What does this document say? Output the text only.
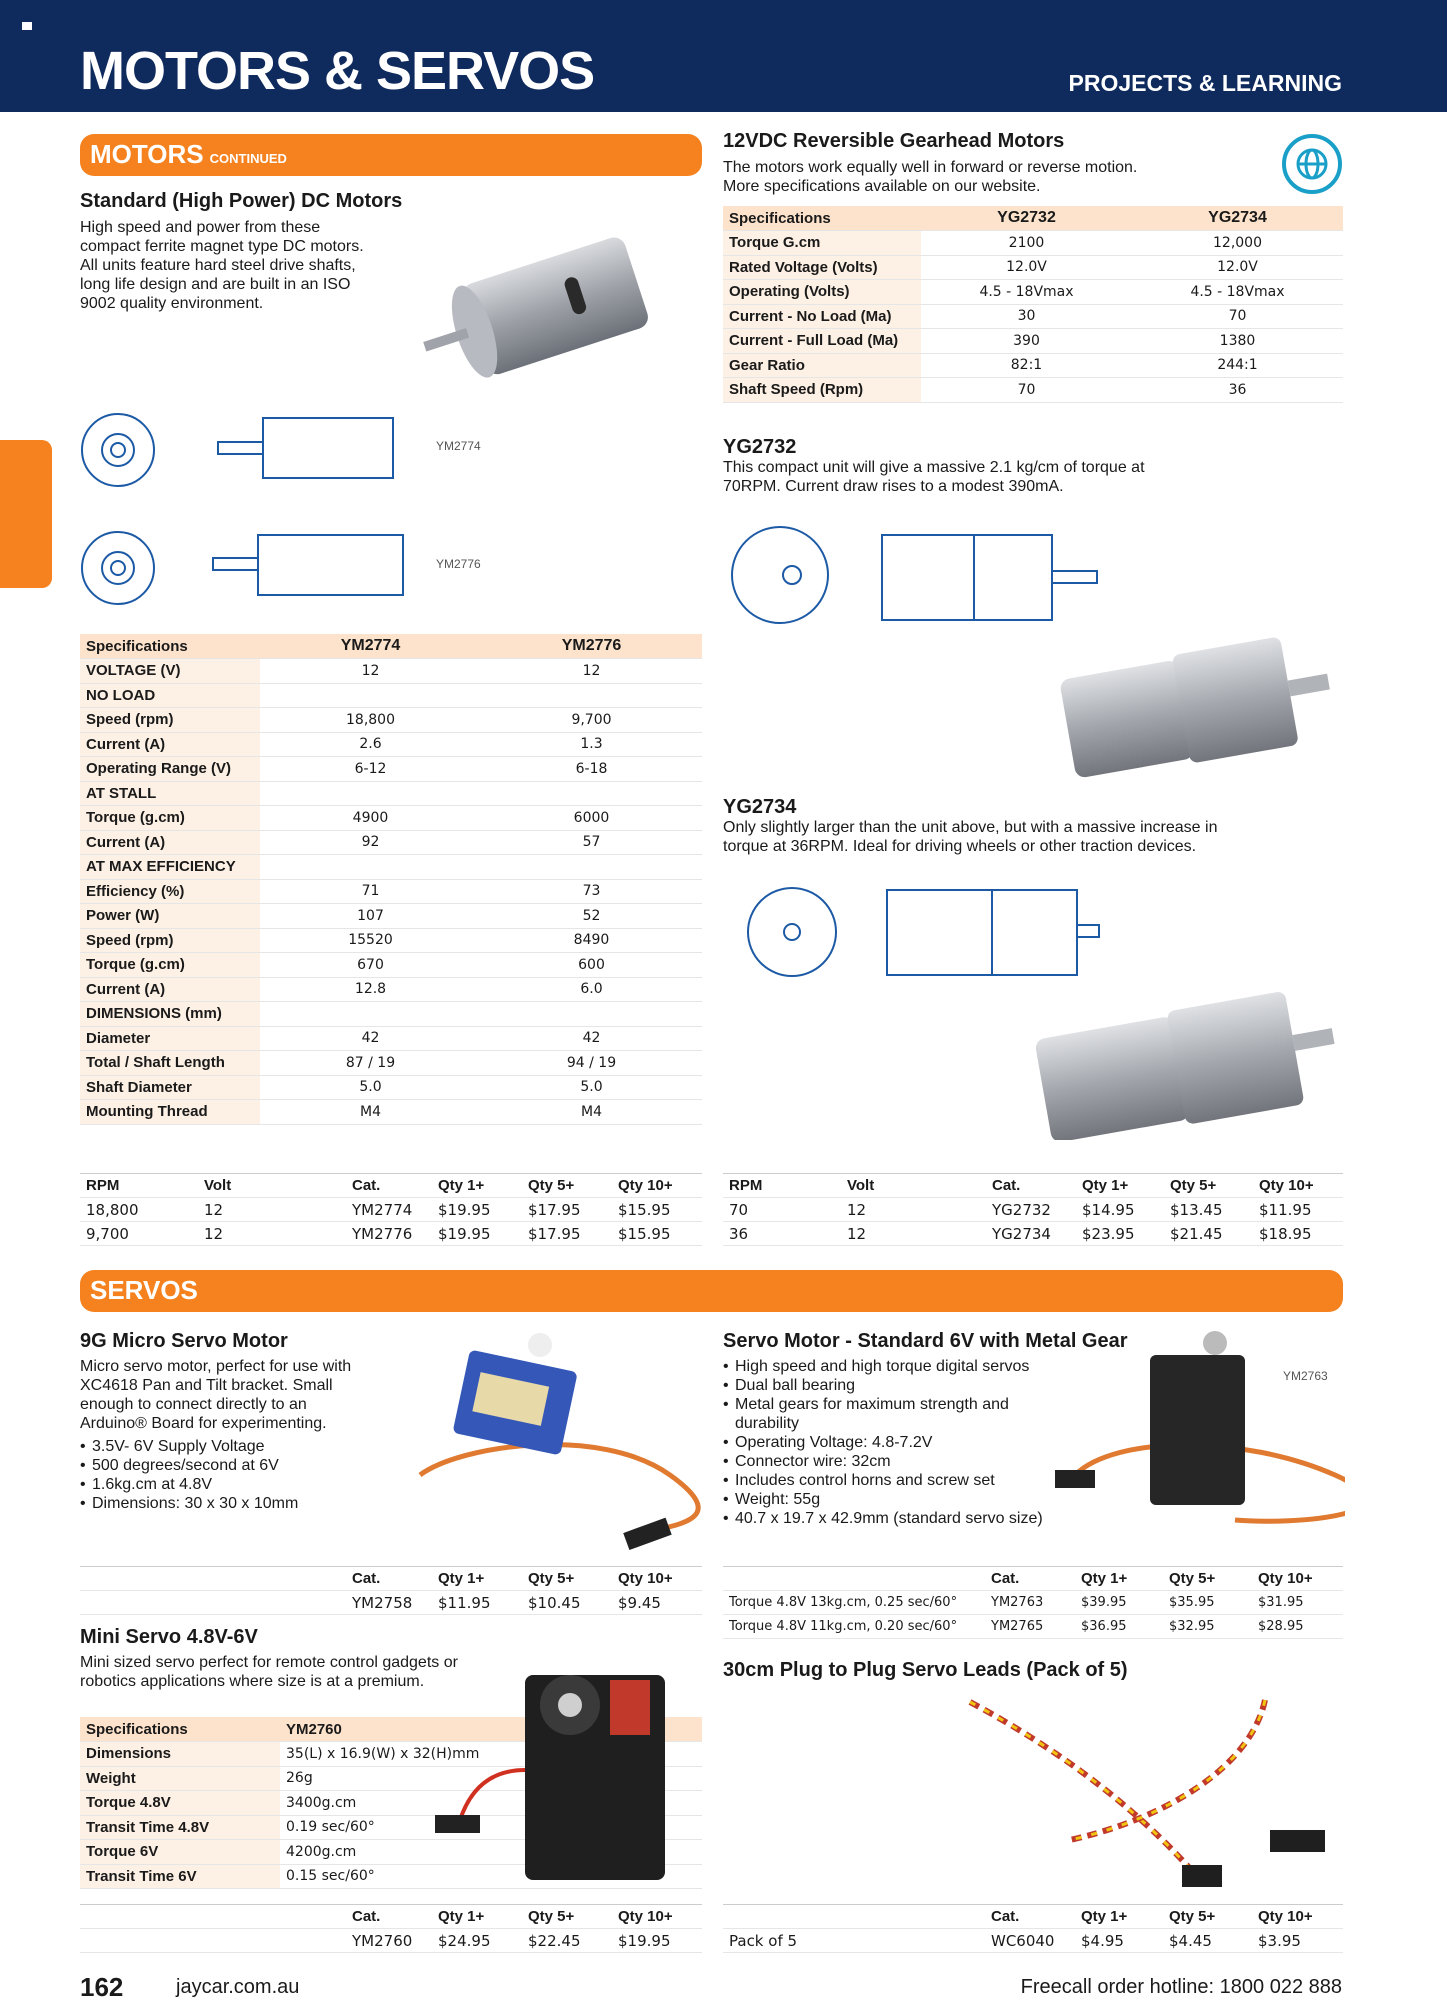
MOTORS & SERVOS	PROJECTS & LEARNING
MOTORS CONTINUED
Standard (High Power) DC Motors
High speed and power from these
compact ferrite magnet type DC motors.
All units feature hard steel drive shafts,
long life design and are built in an ISO
9002 quality environment.
YM2774
YM2776
Specifications	YM2774	YM2776
VOLTAGE (V)	12	12
NO LOAD		
Speed (rpm)	18,800	9,700
Current (A)	2.6	1.3
Operating Range (V)	6-12	6-18
AT STALL		
Torque (g.cm)	4900	6000
Current (A)	92	57
AT MAX EFFICIENCY		
Efficiency (%)	71	73
Power (W)	107	52
Speed (rpm)	15520	8490
Torque (g.cm)	670	600
Current (A)	12.8	6.0
DIMENSIONS (mm)		
Diameter	42	42
Total / Shaft Length	87 / 19	94 / 19
Shaft Diameter	5.0	5.0
Mounting Thread	M4	M4
RPM	Volt	Cat.	Qty 1+	Qty 5+	Qty 10+
18,800	12	YM2774	$19.95	$17.95	$15.95
9,700	12	YM2776	$19.95	$17.95	$15.95
12VDC Reversible Gearhead Motors
The motors work equally well in forward or reverse motion.
More specifications available on our website.
Specifications	YG2732	YG2734
Torque G.cm	2100	12,000
Rated Voltage (Volts)	12.0V	12.0V
Operating (Volts)	4.5 - 18Vmax	4.5 - 18Vmax
Current - No Load (Ma)	30	70
Current - Full Load (Ma)	390	1380
Gear Ratio	82:1	244:1
Shaft Speed (Rpm)	70	36
YG2732
This compact unit will give a massive 2.1 kg/cm of torque at
70RPM. Current draw rises to a modest 390mA.
YG2734
Only slightly larger than the unit above, but with a massive increase in
torque at 36RPM. Ideal for driving wheels or other traction devices.
RPM	Volt	Cat.	Qty 1+	Qty 5+	Qty 10+
70	12	YG2732	$14.95	$13.45	$11.95
36	12	YG2734	$23.95	$21.45	$18.95
SERVOS
9G Micro Servo Motor
Micro servo motor, perfect for use with
XC4618 Pan and Tilt bracket. Small
enough to connect directly to an
Arduino® Board for experimenting.
• 3.5V- 6V Supply Voltage
• 500 degrees/second at 6V
• 1.6kg.cm at 4.8V
• Dimensions: 30 x 30 x 10mm
	Cat.	Qty 1+	Qty 5+	Qty 10+
	YM2758	$11.95	$10.45	$9.45
Servo Motor - Standard 6V with Metal Gear
• High speed and high torque digital servos
• Dual ball bearing
• Metal gears for maximum strength and durability
• Operating Voltage: 4.8-7.2V
• Connector wire: 32cm
• Includes control horns and screw set
• Weight: 55g
• 40.7 x 19.7 x 42.9mm (standard servo size)
YM2763
	Cat.	Qty 1+	Qty 5+	Qty 10+
Torque 4.8V 13kg.cm, 0.25 sec/60°	YM2763	$39.95	$35.95	$31.95
Torque 4.8V 11kg.cm, 0.20 sec/60°	YM2765	$36.95	$32.95	$28.95
Mini Servo 4.8V-6V
Mini sized servo perfect for remote control gadgets or
robotics applications where size is at a premium.
Specifications	YM2760
Dimensions	35(L) x 16.9(W) x 32(H)mm
Weight	26g
Torque 4.8V	3400g.cm
Transit Time 4.8V	0.19 sec/60°
Torque 6V	4200g.cm
Transit Time 6V	0.15 sec/60°
	Cat.	Qty 1+	Qty 5+	Qty 10+
	YM2760	$24.95	$22.45	$19.95
30cm Plug to Plug Servo Leads (Pack of 5)
	Cat.	Qty 1+	Qty 5+	Qty 10+
Pack of 5	WC6040	$4.95	$4.45	$3.95
162	jaycar.com.au	Freecall order hotline: 1800 022 888
